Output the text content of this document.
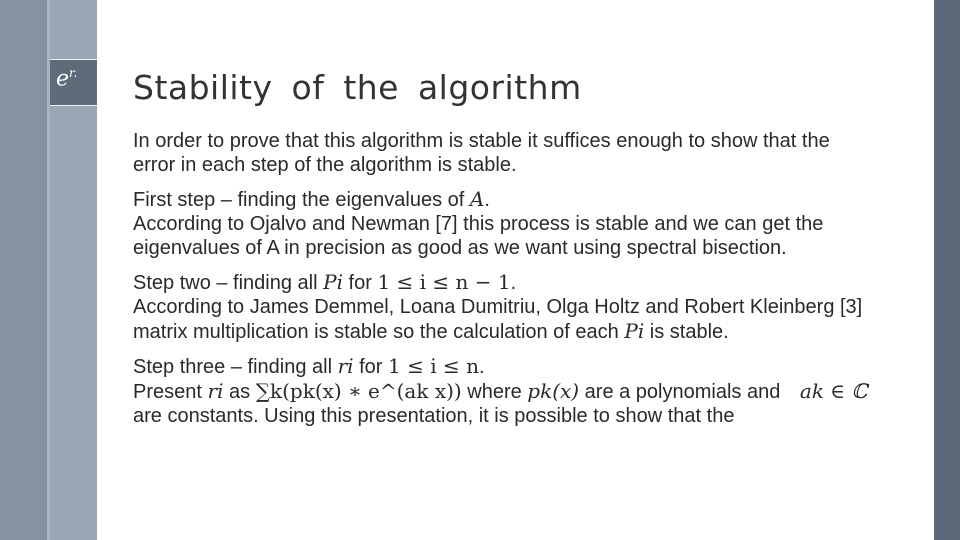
$e^{r.}$ Stability of the algorithm

In order to prove that this algorithm is stable it suffices enough to show that the error in each step of the algorithm is stable.

First step – finding the eigenvalues of A.
According to Ojalvo and Newman [7] this process is stable and we can get the eigenvalues of A in precision as good as we want using spectral bisection.

Step two – finding all Pi for 1 ≤ i ≤ n − 1.
According to James Demmel, Loana Dumitriu, Olga Holtz and Robert Kleinberg [3] matrix multiplication is stable so the calculation of each Pi is stable.

Step three – finding all ri for 1 ≤ i ≤ n.
Present ri as ∑k(pk(x) ∗ e^(ak x)) where pk(x) are a polynomials and ak ∈ ℂ are constants. Using this presentation, it is possible to show that the
